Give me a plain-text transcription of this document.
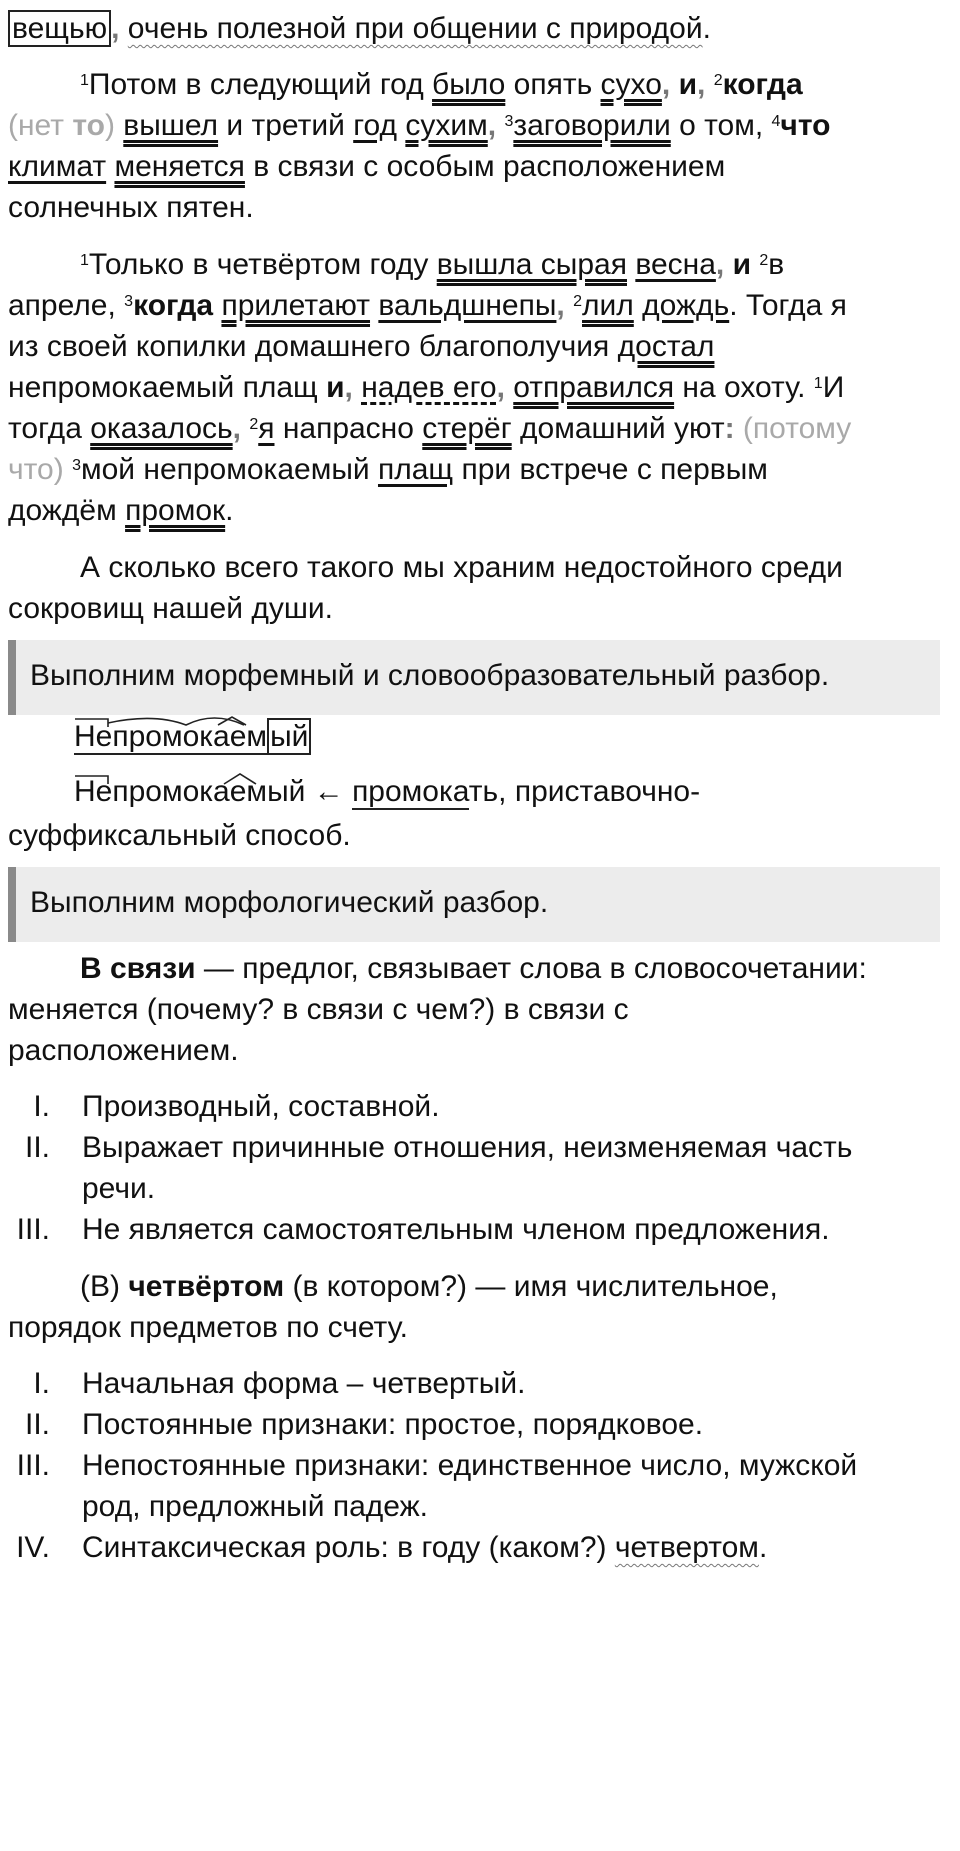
вещью , очень полезной при общении с природой.
$^1$Потом в следующий год было опять сухо, и, $^2$когда
(нет то) вышел и третий год сухим, $^3$заговорили о том, $^4$что
климат меняется в связи с особым расположением
солнечных пятен.
$^1$Только в четвёртом году вышла сырая весна, и $^2$в
апреле, $^3$когда прилетают вальдшнепы, $^2$лил дождь. Тогда я
из своей копилки домашнего благополучия достал
непромокаемый плащ и, надев его, отправился на охоту. $^1$И
тогда оказалось, $^2$я напрасно стерёг домашний уют: (потому
что) $^3$мой непромокаемый плащ при встрече с первым
дождём промок.
А сколько всего такого мы храним недостойного среди
сокровищ нашей души.
Выполним морфемный и словообразовательный разбор.
Непромокаем ый
Непромокаемый ← промокать, приставочно-
суффиксальный способ.
Выполним морфологический разбор.
В связи — предлог, связывает слова в словосочетании:
меняется (почему? в связи с чем?) в связи с
расположением.
I. Производный, составной.
II. Выражает причинные отношения, неизменяемая часть
речи.
III. Не является самостоятельным членом предложения.
(В) четвёртом (в котором?) — имя числительное,
порядок предметов по счету.
I. Начальная форма – четвертый.
II. Постоянные признаки: простое, порядковое.
III. Непостоянные признаки: единственное число, мужской
род, предложный падеж.
IV. Синтаксическая роль: в году (каком?) четвертом.
